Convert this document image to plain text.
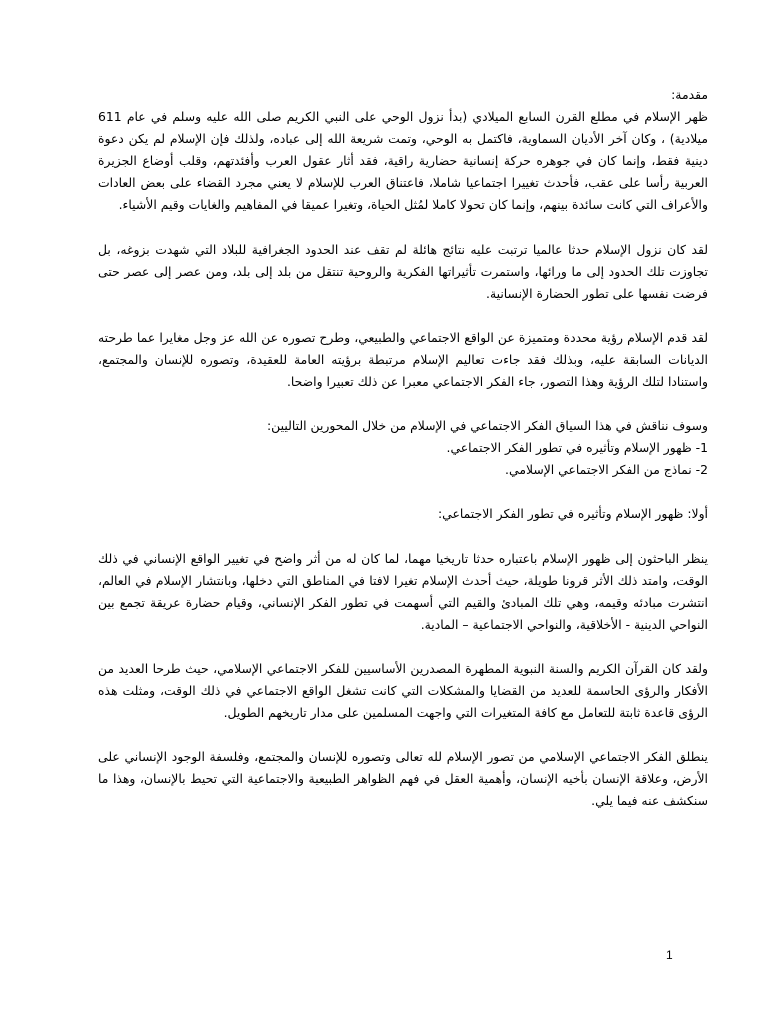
مقدمة:

ظهر الإسلام في مطلع القرن السابع الميلادي (بدأ نزول الوحي على النبي الكريم صلى الله عليه وسلم في عام 611 ميلادية) ، وكان آخر الأديان السماوية، فاكتمل به الوحي، وتمت شريعة الله إلى عباده، ولذلك فإن الإسلام لم يكن دعوة دينية فقط، وإنما كان في جوهره حركة إنسانية حضارية راقية، فقد أثار عقول العرب وأفئدتهم، وقلب أوضاع الجزيرة العربية رأسا على عقب، فأحدث تغييرا اجتماعيا شاملا، فاعتناق العرب للإسلام لا يعني مجرد القضاء على بعض العادات والأعراف التي كانت سائدة بينهم، وإنما كان تحولا كاملا لمُثل الحياة، وتغيرا عميقا في المفاهيم والغايات وقيم الأشياء.

لقد كان نزول الإسلام حدثا عالميا ترتبت عليه نتائج هائلة لم تقف عند الحدود الجغرافية للبلاد التي شهدت بزوغه، بل تجاوزت تلك الحدود إلى ما ورائها، واستمرت تأثيراتها الفكرية والروحية تنتقل من بلد إلى بلد، ومن عصر إلى عصر حتى فرضت نفسها على تطور الحضارة الإنسانية.

لقد قدم الإسلام رؤية محددة ومتميزة عن الواقع الاجتماعي والطبيعي، وطرح تصوره عن الله عز وجل مغايرا عما طرحته الديانات السابقة عليه، وبذلك فقد جاءت تعاليم الإسلام مرتبطة برؤيته العامة للعقيدة، وتصوره للإنسان والمجتمع، واستنادا لتلك الرؤية وهذا التصور، جاء الفكر الاجتماعي معبرا عن ذلك تعبيرا واضحا.

وسوف نناقش في هذا السياق الفكر الاجتماعي في الإسلام من خلال المحورين التاليين:

1- ظهور الإسلام وتأثيره في تطور الفكر الاجتماعي.

2- نماذج من الفكر الاجتماعي الإسلامي.

أولا: ظهور الإسلام وتأثيره في تطور الفكر الاجتماعي:

ينظر الباحثون إلى ظهور الإسلام باعتباره حدثا تاريخيا مهما، لما كان له من أثر واضح في تغيير الواقع الإنساني في ذلك الوقت، وامتد ذلك الأثر قرونا طويلة، حيث أحدث الإسلام تغيرا لافتا في المناطق التي دخلها، وبانتشار الإسلام في العالم، انتشرت مبادئه وقيمه، وهي تلك المبادئ والقيم التي أسهمت في تطور الفكر الإنساني، وقيام حضارة عريقة تجمع بين النواحي الدينية - الأخلاقية، والنواحي الاجتماعية – المادية.

ولقد كان القرآن الكريم والسنة النبوية المطهرة المصدرين الأساسيين للفكر الاجتماعي الإسلامي، حيث طرحا العديد من الأفكار والرؤى الحاسمة للعديد من القضايا والمشكلات التي كانت تشغل الواقع الاجتماعي في ذلك الوقت، ومثلت هذه الرؤى قاعدة ثابتة للتعامل مع كافة المتغيرات التي واجهت المسلمين على مدار تاريخهم الطويل.

ينطلق الفكر الاجتماعي الإسلامي من تصور الإسلام لله تعالى وتصوره للإنسان والمجتمع، وفلسفة الوجود الإنساني على الأرض، وعلاقة الإنسان بأخيه الإنسان، وأهمية العقل في فهم الظواهر الطبيعية والاجتماعية التي تحيط بالإنسان، وهذا ما سنكشف عنه فيما يلي.

1
